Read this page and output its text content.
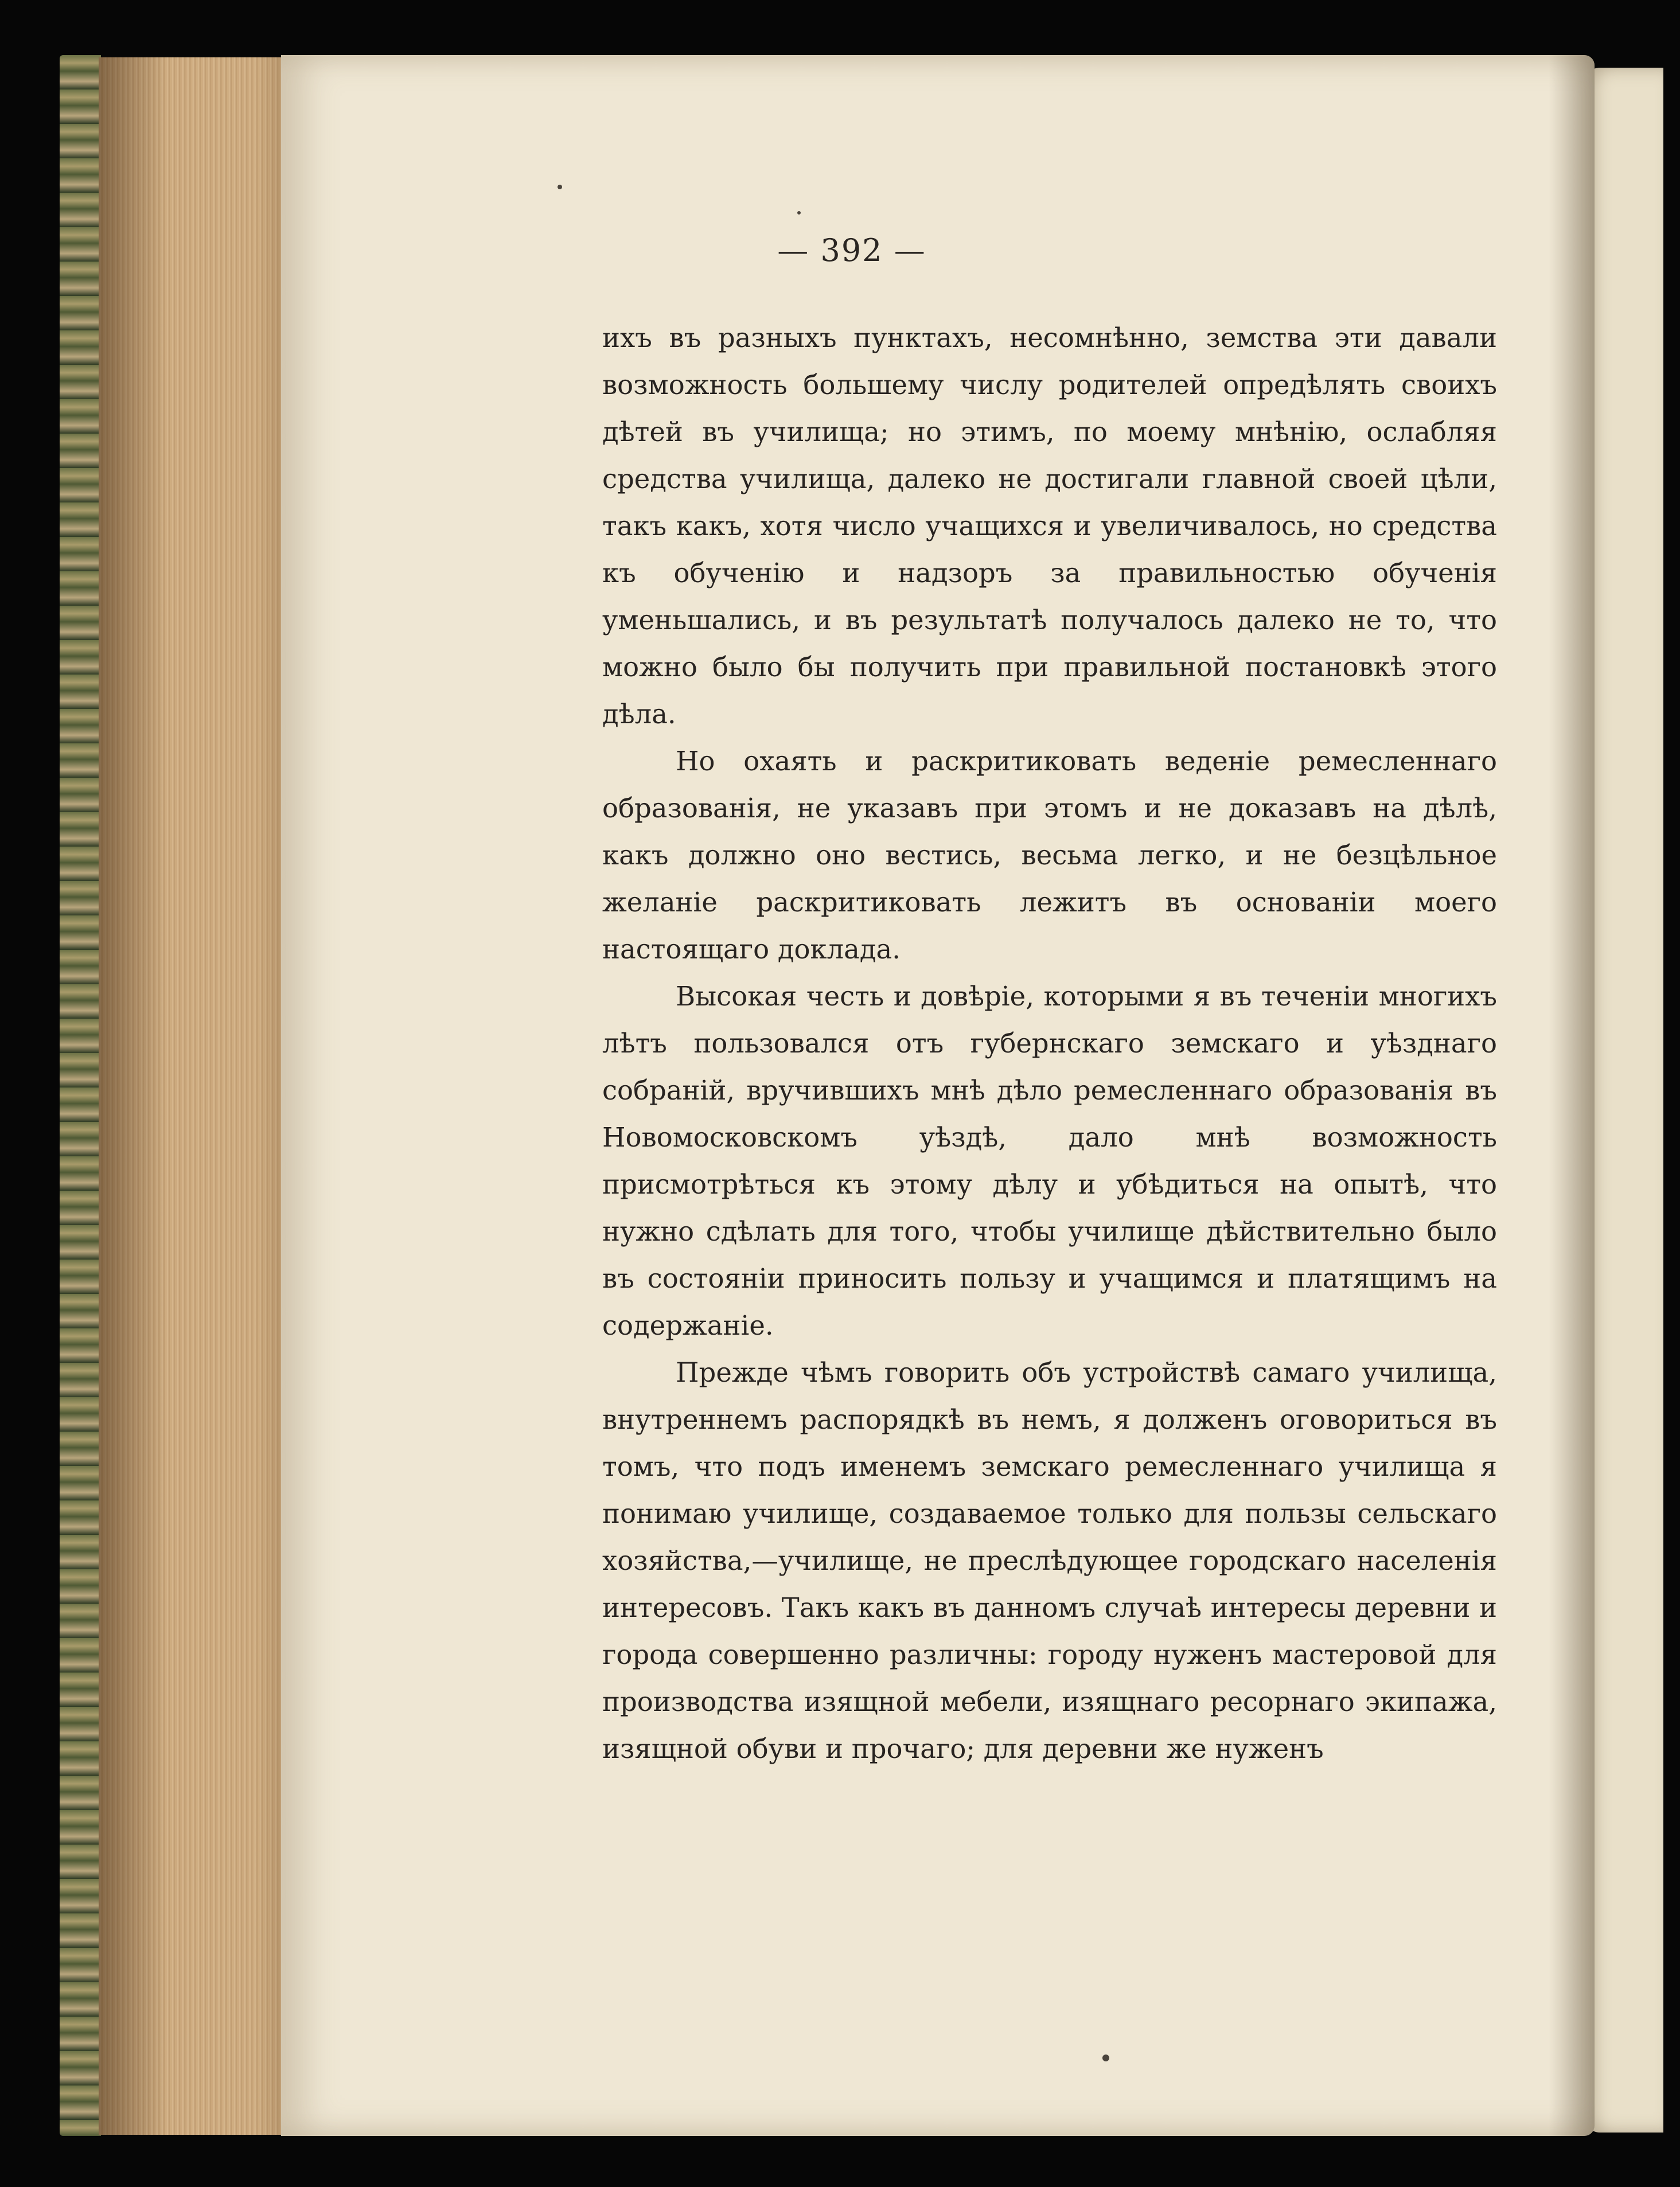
— 392 —

ихъ въ разныхъ пунктахъ, несомнѣнно, земства эти давали возможность большему числу родителей опредѣлять своихъ дѣтей въ училища; но этимъ, по моему мнѣнію, ослабляя средства училища, далеко не достигали главной своей цѣли, такъ какъ, хотя число учащихся и увеличивалось, но средства къ обученію и надзоръ за правильностью обученія уменьшались, и въ результатѣ получалось далеко не то, что можно было бы получить при правильной постановкѣ этого дѣла.

Но охаять и раскритиковать веденіе ремесленнаго образованія, не указавъ при этомъ и не доказавъ на дѣлѣ, какъ должно оно вестись, весьма легко, и не безцѣльное желаніе раскритиковать лежитъ въ основаніи моего настоящаго доклада.

Высокая честь и довѣріе, которыми я въ теченіи многихъ лѣтъ пользовался отъ губернскаго земскаго и уѣзднаго собраній, вручившихъ мнѣ дѣло ремесленнаго образованія въ Новомосковскомъ уѣздѣ, дало мнѣ возможность присмотрѣться къ этому дѣлу и убѣдиться на опытѣ, что нужно сдѣлать для того, чтобы училище дѣйствительно было въ состояніи приносить пользу и учащимся и платящимъ на содержаніе.

Прежде чѣмъ говорить объ устройствѣ самаго училища, внутреннемъ распорядкѣ въ немъ, я долженъ оговориться въ томъ, что подъ именемъ земскаго ремесленнаго училища я понимаю училище, создаваемое только для пользы сельскаго хозяйства,—училище, не преслѣдующее городскаго населенія интересовъ. Такъ какъ въ данномъ случаѣ интересы деревни и города совершенно различны: городу нуженъ мастеровой для производства изящной мебели, изящнаго ресорнаго экипажа, изящной обуви и прочаго; для деревни же нуженъ
